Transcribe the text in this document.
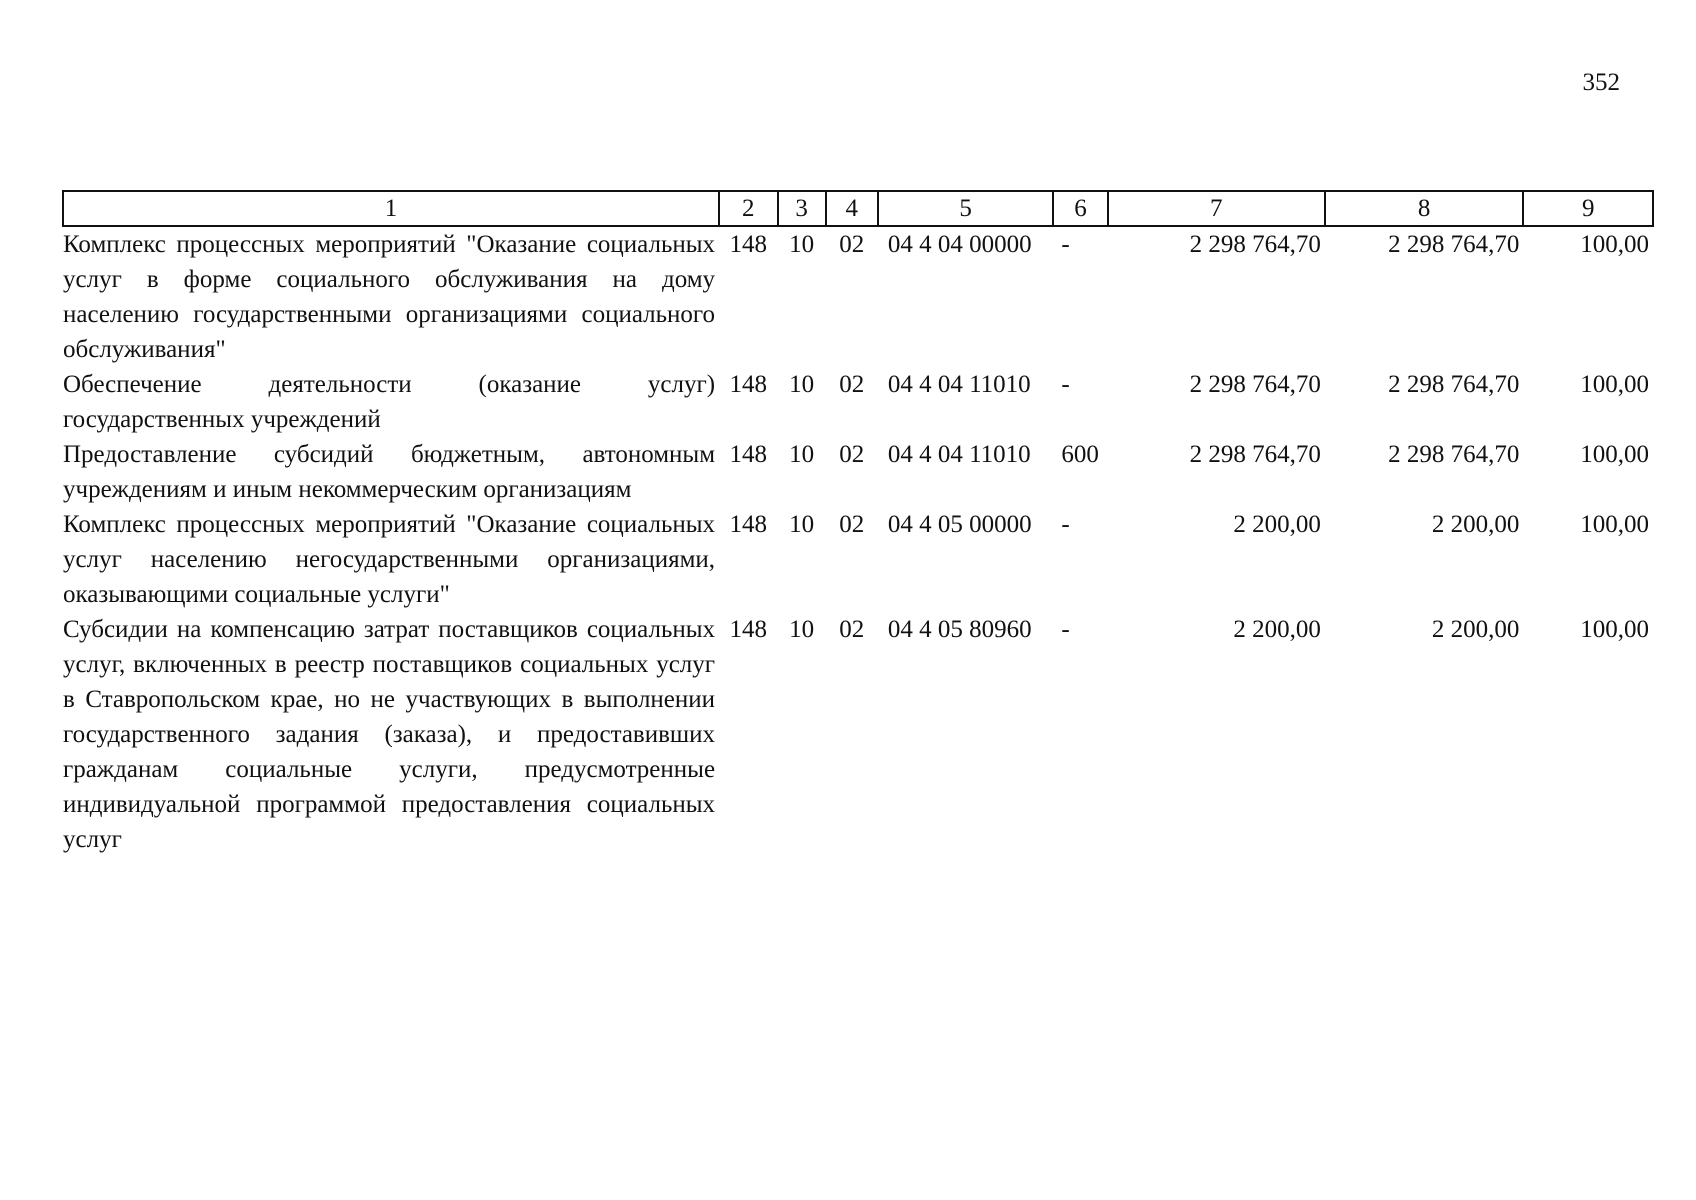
352
1	2	3	4	5	6	7	8	9
Комплекс процессных мероприятий "Оказание социальных услуг в форме социального обслуживания на дому населению государственными организациями социального обслуживания"	148	10	02	04 4 04 00000	-	2 298 764,70	2 298 764,70	100,00
Обеспечение деятельности (оказание услуг) государственных учреждений	148	10	02	04 4 04 11010	-	2 298 764,70	2 298 764,70	100,00
Предоставление субсидий бюджетным, автономным учреждениям и иным некоммерческим организациям	148	10	02	04 4 04 11010	600	2 298 764,70	2 298 764,70	100,00
Комплекс процессных мероприятий "Оказание социальных услуг населению негосударственными организациями, оказывающими социальные услуги"	148	10	02	04 4 05 00000	-	2 200,00	2 200,00	100,00
Субсидии на компенсацию затрат поставщиков социальных услуг, включенных в реестр поставщиков социальных услуг в Ставропольском крае, но не участвующих в выполнении государственного задания (заказа), и предоставивших гражданам социальные услуги, предусмотренные индивидуальной программой предоставления социальных услуг	148	10	02	04 4 05 80960	-	2 200,00	2 200,00	100,00
